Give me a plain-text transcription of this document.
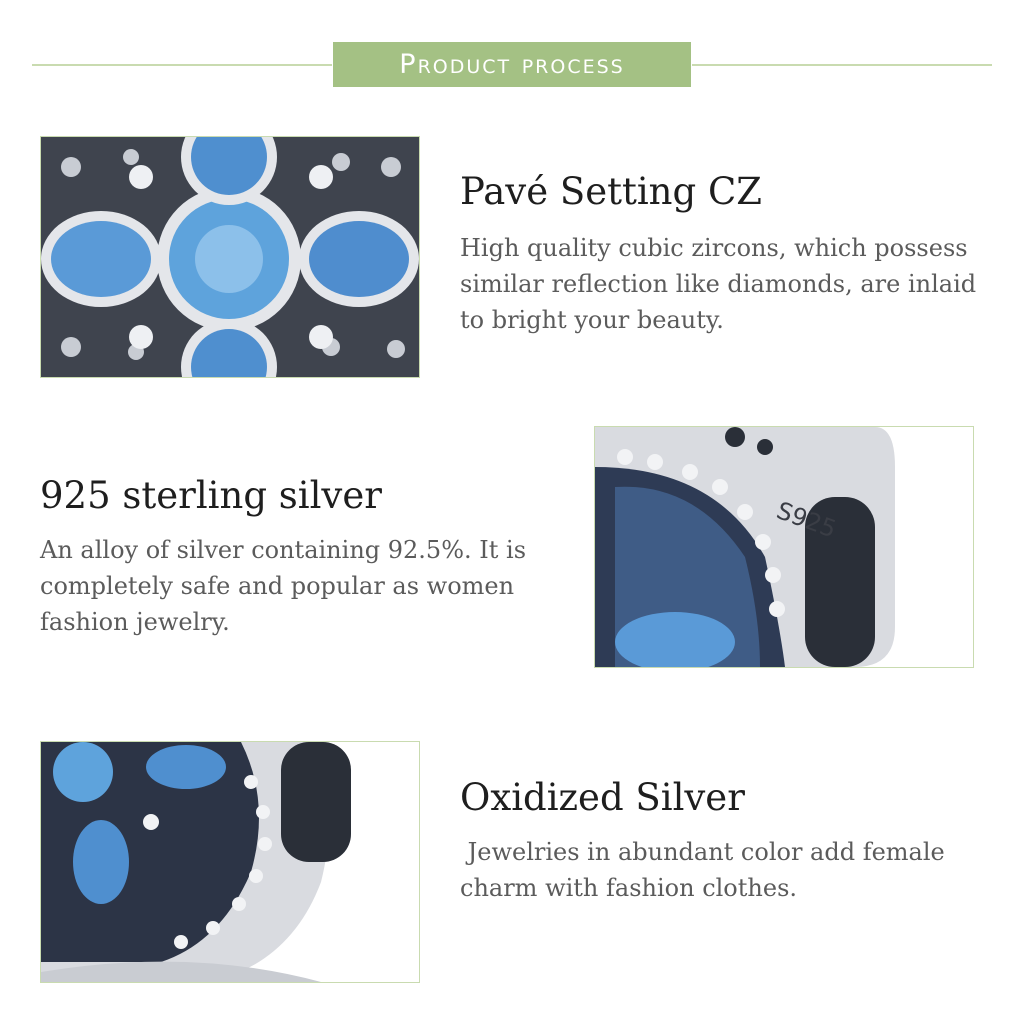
Product process
Pavé Setting CZ
High quality cubic zircons, which possess similar reflection like diamonds, are inlaid to bright your beauty.
925 sterling silver
An alloy of silver containing 92.5%. It is completely safe and popular as women fashion jewelry.
S925
Oxidized Silver
Jewelries in abundant color add female charm with fashion clothes.
